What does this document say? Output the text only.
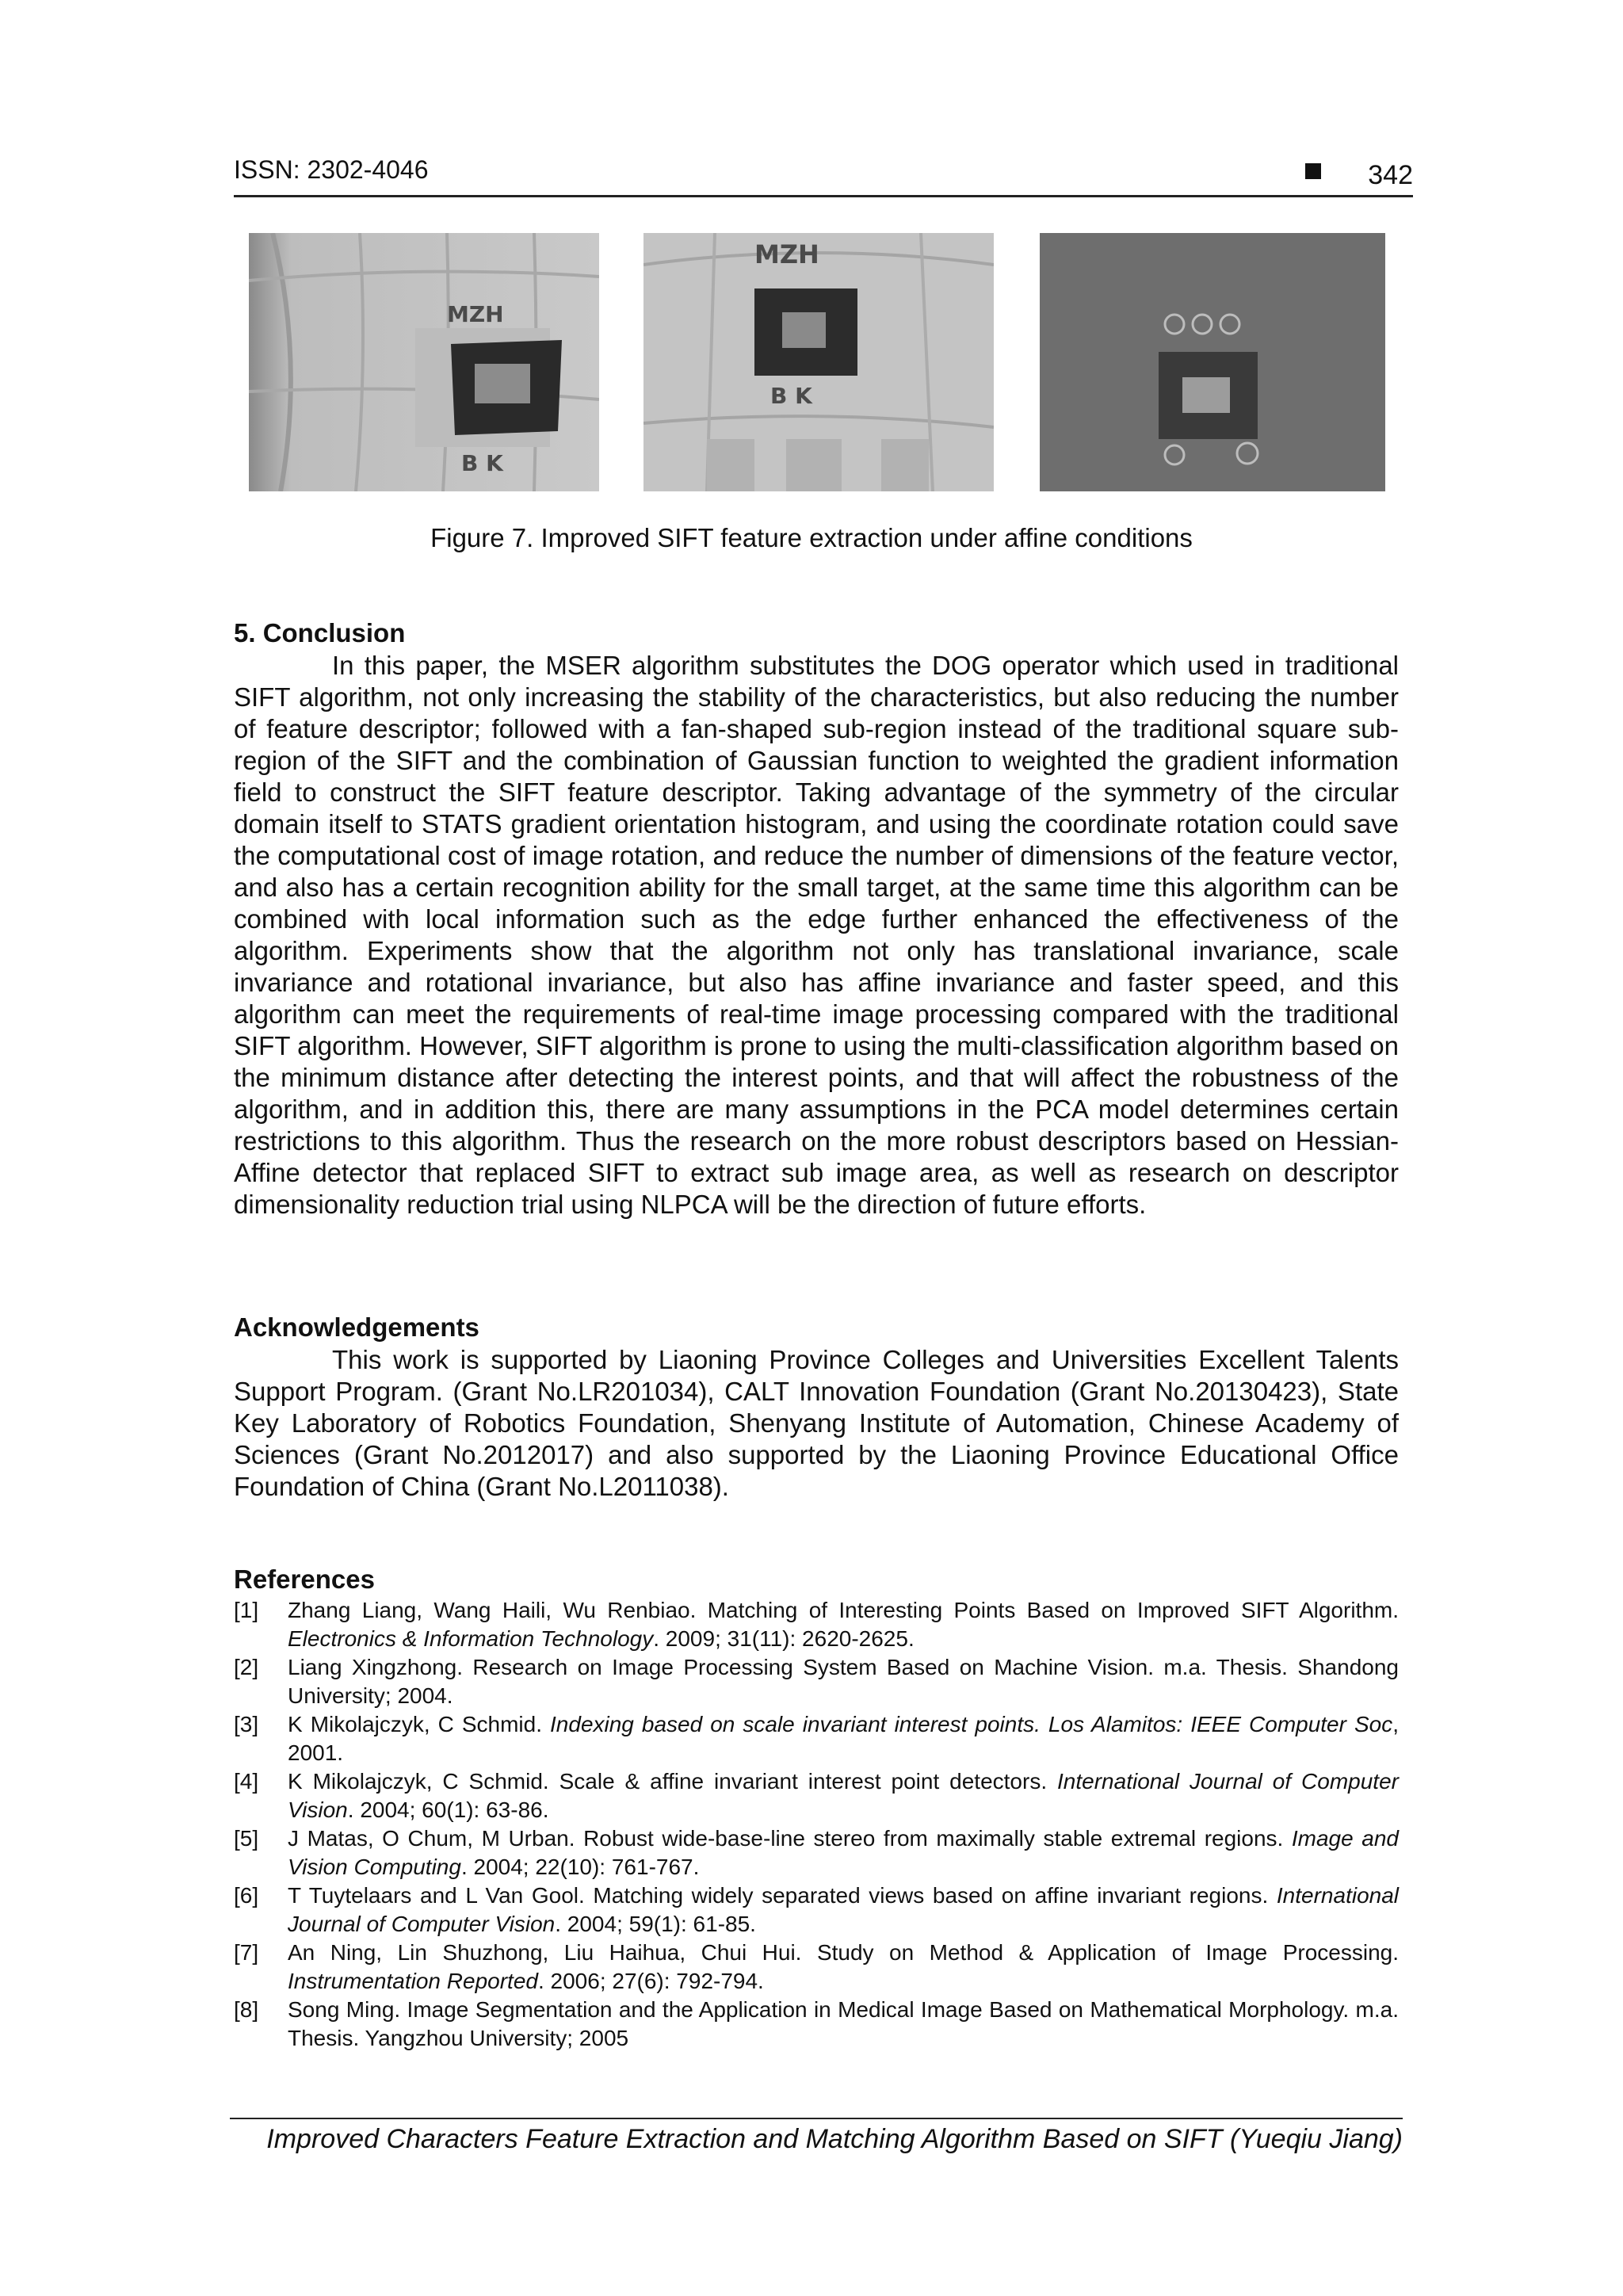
ISSN: 2302-4046	342
MZH
B K
MZH
B K
Figure 7. Improved SIFT feature extraction under affine conditions
5. Conclusion

In this paper, the MSER algorithm substitutes the DOG operator which used in traditional SIFT algorithm, not only increasing the stability of the characteristics, but also reducing the number of feature descriptor; followed with a fan-shaped sub-region instead of the traditional square sub-region of the SIFT and the combination of Gaussian function to weighted the gradient information field to construct the SIFT feature descriptor. Taking advantage of the symmetry of the circular domain itself to STATS gradient orientation histogram, and using the coordinate rotation could save the computational cost of image rotation, and reduce the number of dimensions of the feature vector, and also has a certain recognition ability for the small target, at the same time this algorithm can be combined with local information such as the edge further enhanced the effectiveness of the algorithm. Experiments show that the algorithm not only has translational invariance, scale invariance and rotational invariance, but also has affine invariance and faster speed, and this algorithm can meet the requirements of real-time image processing compared with the traditional SIFT algorithm. However, SIFT algorithm is prone to using the multi-classification algorithm based on the minimum distance after detecting the interest points, and that will affect the robustness of the algorithm, and in addition this, there are many assumptions in the PCA model determines certain restrictions to this algorithm. Thus the research on the more robust descriptors based on Hessian-Affine detector that replaced SIFT to extract sub image area, as well as research on descriptor dimensionality reduction trial using NLPCA will be the direction of future efforts.

Acknowledgements

This work is supported by Liaoning Province Colleges and Universities Excellent Talents Support Program. (Grant No.LR201034), CALT Innovation Foundation (Grant No.20130423), State Key Laboratory of Robotics Foundation, Shenyang Institute of Automation, Chinese Academy of Sciences (Grant No.2012017) and also supported by the Liaoning Province Educational Office Foundation of China (Grant No.L2011038).

References
[1] Zhang Liang, Wang Haili, Wu Renbiao. Matching of Interesting Points Based on Improved SIFT Algorithm. Electronics & Information Technology. 2009; 31(11): 2620-2625.
[2] Liang Xingzhong. Research on Image Processing System Based on Machine Vision. m.a. Thesis. Shandong University; 2004.
[3] K Mikolajczyk, C Schmid. Indexing based on scale invariant interest points. Los Alamitos: IEEE Computer Soc, 2001.
[4] K Mikolajczyk, C Schmid. Scale & affine invariant interest point detectors. International Journal of Computer Vision. 2004; 60(1): 63-86.
[5] J Matas, O Chum, M Urban. Robust wide-base-line stereo from maximally stable extremal regions. Image and Vision Computing. 2004; 22(10): 761-767.
[6] T Tuytelaars and L Van Gool. Matching widely separated views based on affine invariant regions. International Journal of Computer Vision. 2004; 59(1): 61-85.
[7] An Ning, Lin Shuzhong, Liu Haihua, Chui Hui. Study on Method & Application of Image Processing. Instrumentation Reported. 2006; 27(6): 792-794.
[8] Song Ming. Image Segmentation and the Application in Medical Image Based on Mathematical Morphology. m.a. Thesis. Yangzhou University; 2005
Improved Characters Feature Extraction and Matching Algorithm Based on SIFT (Yueqiu Jiang)
